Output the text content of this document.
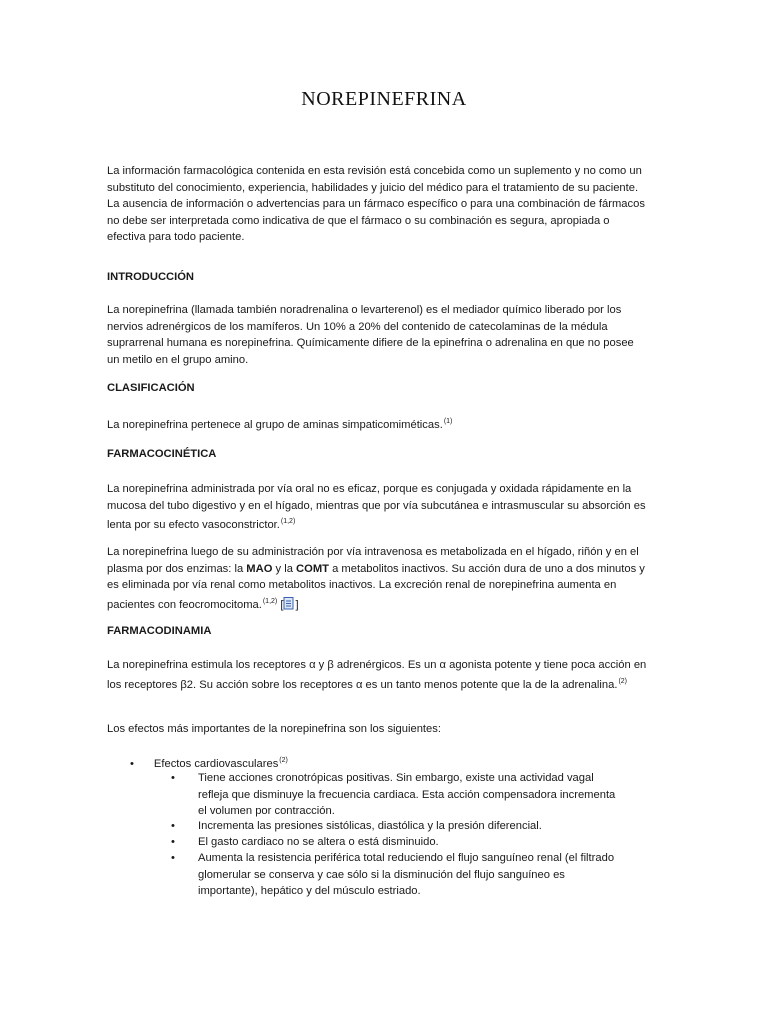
NOREPINEFRINA

La información farmacológica contenida en esta revisión está concebida como un suplemento y no como un substituto del conocimiento, experiencia, habilidades y juicio del médico para el tratamiento de su paciente. La ausencia de información o advertencias para un fármaco específico o para una combinación de fármacos no debe ser interpretada como indicativa de que el fármaco o su combinación es segura, apropiada o efectiva para todo paciente.

INTRODUCCIÓN

La norepinefrina (llamada también noradrenalina o levarterenol) es el mediador químico liberado por los nervios adrenérgicos de los mamíferos. Un 10% a 20% del contenido de catecolaminas de la médula suprarrenal humana es norepinefrina. Químicamente difiere de la epinefrina o adrenalina en que no posee un metilo en el grupo amino.

CLASIFICACIÓN

La norepinefrina pertenece al grupo de aminas simpaticomiméticas.$^{(1)}$

FARMACOCINÉTICA

La norepinefrina administrada por vía oral no es eficaz, porque es conjugada y oxidada rápidamente en la mucosa del tubo digestivo y en el hígado, mientras que por vía subcutánea e intrasmuscular su absorción es lenta por su efecto vasoconstrictor.$^{(1,2)}$

La norepinefrina luego de su administración por vía intravenosa es metabolizada en el hígado, riñón y en el plasma por dos enzimas: la MAO y la COMT a metabolitos inactivos. Su acción dura de uno a dos minutos y es eliminada por vía renal como metabolitos inactivos. La excreción renal de norepinefrina aumenta en pacientes con feocromocitoma.$^{(1,2)}$ [ ]

FARMACODINAMIA

La norepinefrina estimula los receptores α y β adrenérgicos. Es un α agonista potente y tiene poca acción en los receptores β2. Su acción sobre los receptores α es un tanto menos potente que la de la adrenalina.$^{(2)}$

Los efectos más importantes de la norepinefrina son los siguientes:

• Efectos cardiovasculares$^{(2)}$
• Tiene acciones cronotrópicas positivas. Sin embargo, existe una actividad vagal refleja que disminuye la frecuencia cardiaca. Esta acción compensadora incrementa el volumen por contracción.
• Incrementa las presiones sistólicas, diastólica y la presión diferencial.
• El gasto cardiaco no se altera o está disminuido.
• Aumenta la resistencia periférica total reduciendo el flujo sanguíneo renal (el filtrado glomerular se conserva y cae sólo si la disminución del flujo sanguíneo es importante), hepático y del músculo estriado.
